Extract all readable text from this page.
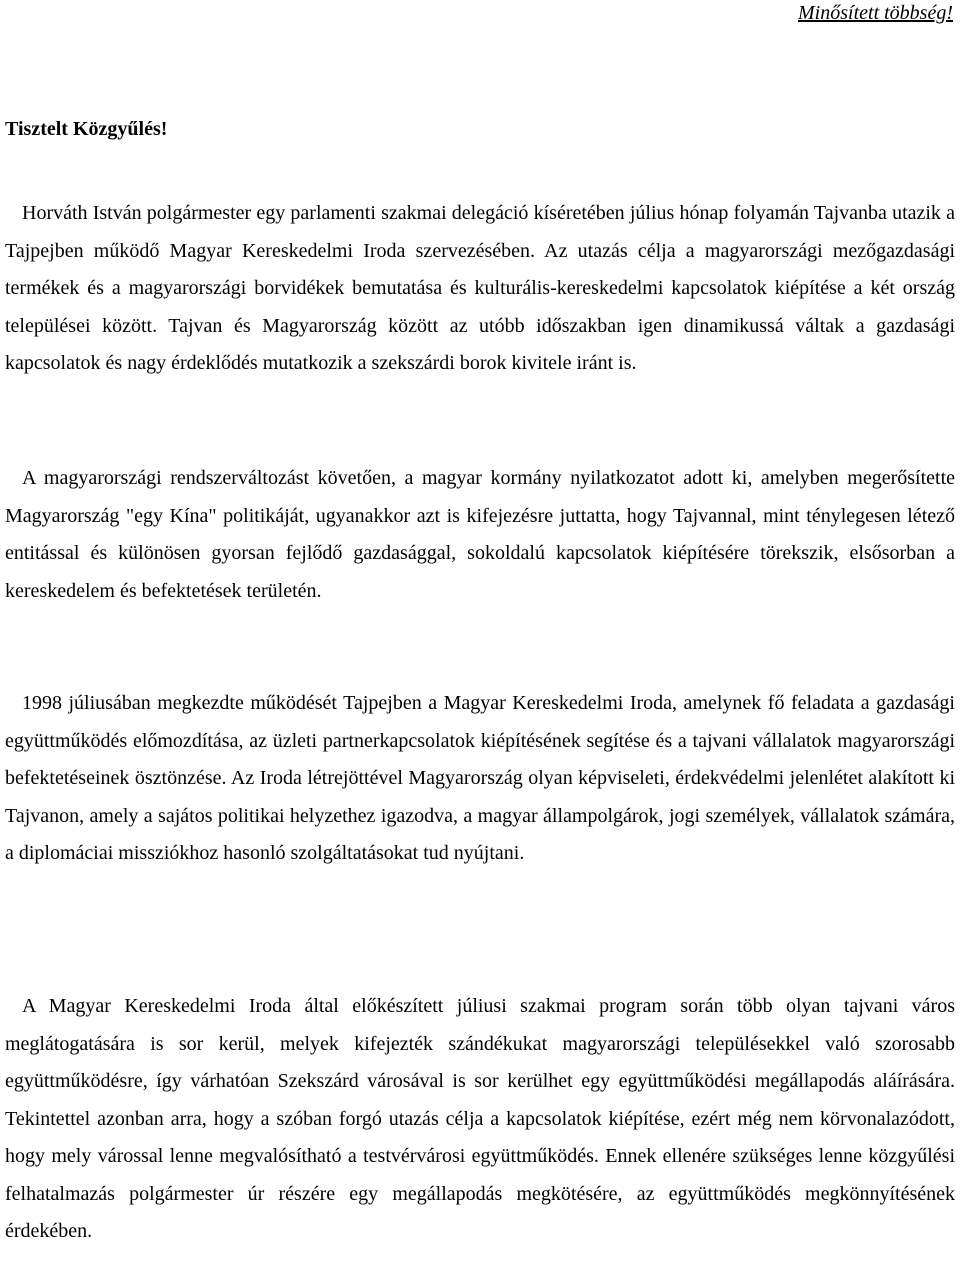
Minősített többség!

Tisztelt Közgyűlés!

Horváth István polgármester egy parlamenti szakmai delegáció kíséretében július hónap folyamán Tajvanba utazik a Tajpejben működő Magyar Kereskedelmi Iroda szervezésében. Az utazás célja a magyarországi mezőgazdasági termékek és a magyarországi borvidékek bemutatása és kulturális-kereskedelmi kapcsolatok kiépítése a két ország települései között. Tajvan és Magyarország között az utóbb időszakban igen dinamikussá váltak a gazdasági kapcsolatok és nagy érdeklődés mutatkozik a szekszárdi borok kivitele iránt is.

A magyarországi rendszerváltozást követően, a magyar kormány nyilatkozatot adott ki, amelyben megerősítette Magyarország "egy Kína" politikáját, ugyanakkor azt is kifejezésre juttatta, hogy Tajvannal, mint ténylegesen létező entitással és különösen gyorsan fejlődő gazdasággal, sokoldalú kapcsolatok kiépítésére törekszik, elsősorban a kereskedelem és befektetések területén.

1998 júliusában megkezdte működését Tajpejben a Magyar Kereskedelmi Iroda, amelynek fő feladata a gazdasági együttműködés előmozdítása, az üzleti partnerkapcsolatok kiépítésének segítése és a tajvani vállalatok magyarországi befektetéseinek ösztönzése. Az Iroda létrejöttével Magyarország olyan képviseleti, érdekvédelmi jelenlétet alakított ki Tajvanon, amely a sajátos politikai helyzethez igazodva, a magyar állampolgárok, jogi személyek, vállalatok számára, a diplomáciai missziókhoz hasonló szolgáltatásokat tud nyújtani.

A Magyar Kereskedelmi Iroda által előkészített júliusi szakmai program során több olyan tajvani város meglátogatására is sor kerül, melyek kifejezték szándékukat magyarországi településekkel való szorosabb együttműködésre, így várhatóan Szekszárd városával is sor kerülhet egy együttműködési megállapodás aláírására. Tekintettel azonban arra, hogy a szóban forgó utazás célja a kapcsolatok kiépítése, ezért még nem körvonalazódott, hogy mely várossal lenne megvalósítható a testvérvárosi együttműködés. Ennek ellenére szükséges lenne közgyűlési felhatalmazás polgármester úr részére egy megállapodás megkötésére, az együttműködés megkönnyítésének érdekében.
